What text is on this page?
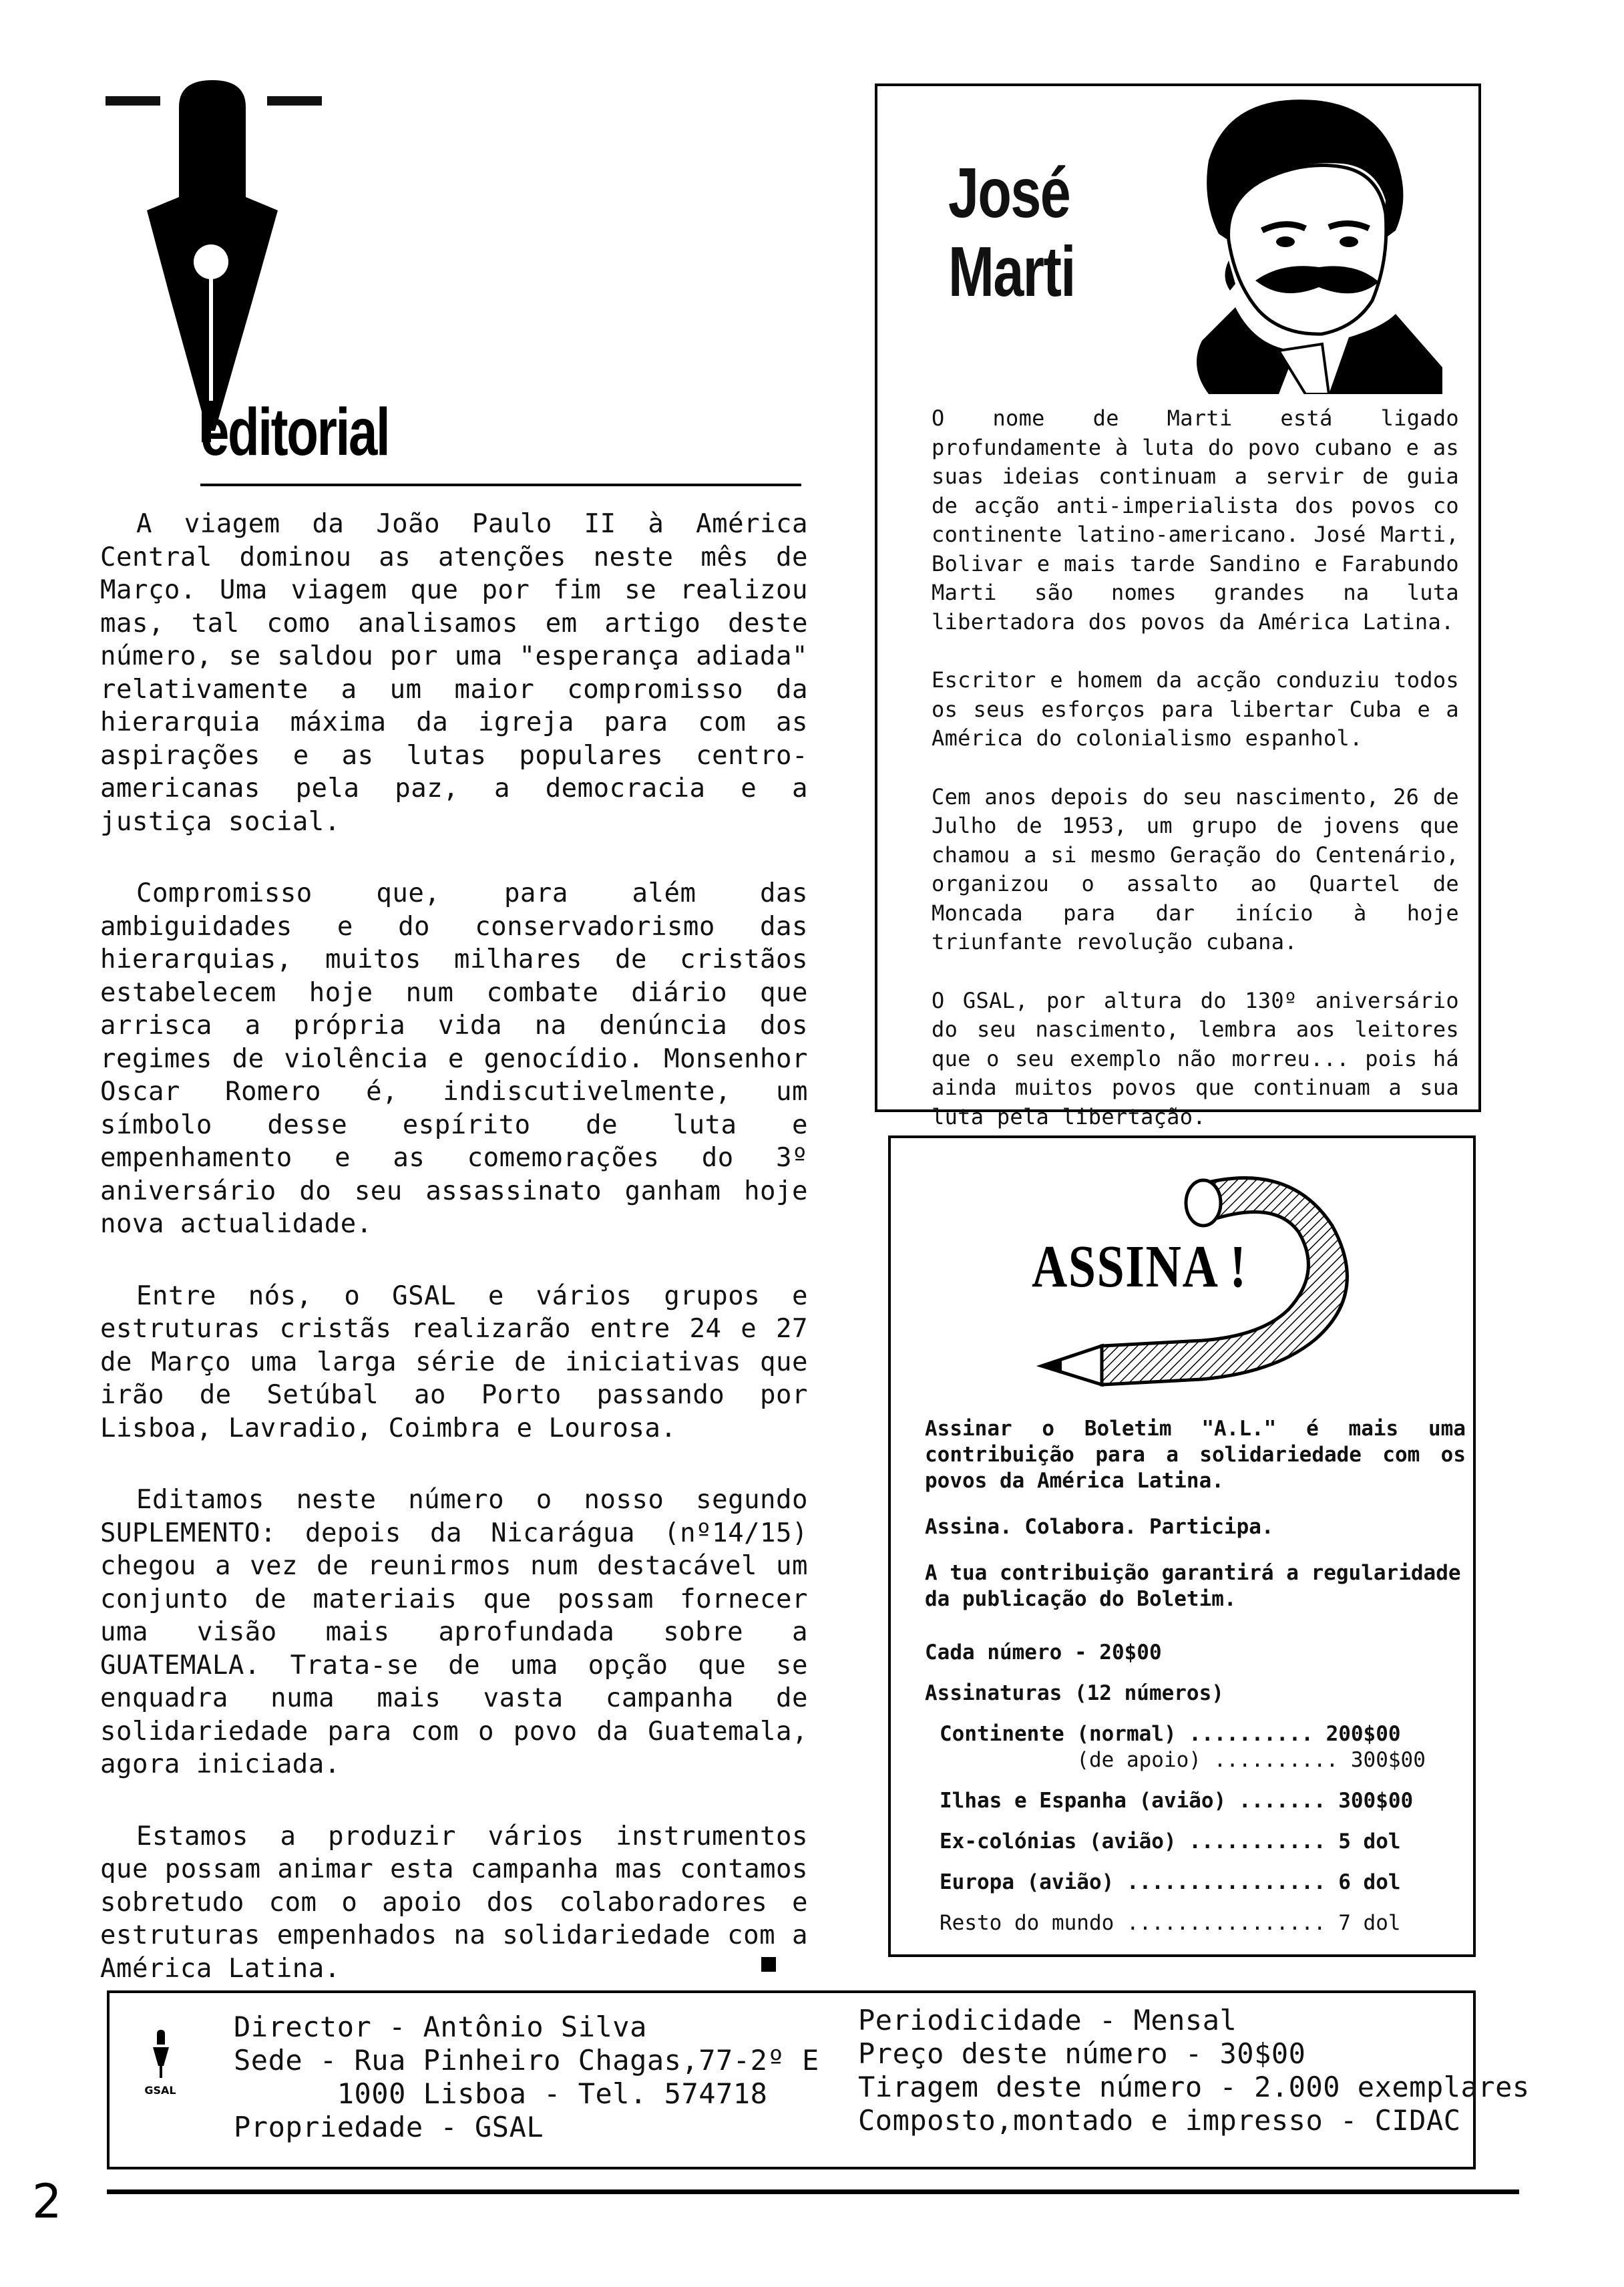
editorial

A viagem da João Paulo II à América Central dominou as atenções neste mês de Março. Uma viagem que por fim se realizou mas, tal como analisamos em artigo deste número, se saldou por uma "esperança adiada" relativamente a um maior compromisso da hierarquia máxima da igreja para com as aspirações e as lutas populares centro-americanas pela paz, a democracia e a justiça social.

Compromisso que, para além das ambiguidades e do conservadorismo das hierarquias, muitos milhares de cristãos estabelecem hoje num combate diário que arrisca a própria vida na denúncia dos regimes de violência e genocídio. Monsenhor Oscar Romero é, indiscutivelmente, um símbolo desse espírito de luta e empenhamento e as comemorações do 3º aniversário do seu assassinato ganham hoje nova actualidade.

Entre nós, o GSAL e vários grupos e estruturas cristãs realizarão entre 24 e 27 de Março uma larga série de iniciativas que irão de Setúbal ao Porto passando por Lisboa, Lavradio, Coimbra e Lourosa.

Editamos neste número o nosso segundo SUPLEMENTO: depois da Nicarágua (nº14/15) chegou a vez de reunirmos num destacável um conjunto de materiais que possam fornecer uma visão mais aprofundada sobre a GUATEMALA. Trata-se de uma opção que se enquadra numa mais vasta campanha de solidariedade para com o povo da Guatemala, agora iniciada.

Estamos a produzir vários instrumentos que possam animar esta campanha mas contamos sobretudo com o apoio dos colaboradores e estruturas empenhados na solidariedade com a América Latina.

José
Marti

O nome de Marti está ligado profundamente à luta do povo cubano e as suas ideias continuam a servir de guia de acção anti-imperialista dos povos co continente latino-americano. José Marti, Bolivar e mais tarde Sandino e Farabundo Marti são nomes grandes na luta libertadora dos povos da América Latina.

Escritor e homem da acção conduziu todos os seus esforços para libertar Cuba e a América do colonialismo espanhol.

Cem anos depois do seu nascimento, 26 de Julho de 1953, um grupo de jovens que chamou a si mesmo Geração do Centenário, organizou o assalto ao Quartel de Moncada para dar início à hoje triunfante revolução cubana.

O GSAL, por altura do 130º aniversário do seu nascimento, lembra aos leitores que o seu exemplo não morreu... pois há ainda muitos povos que continuam a sua luta pela libertação.

ASSINA !

Assinar o Boletim "A.L." é mais uma contribuição para a solidariedade com os povos da América Latina.

Assina. Colabora. Participa.

A tua contribuição garantirá a regularidade da publicação do Boletim.

Cada número - 20$00
Assinaturas (12 números)
Continente (normal) .......... 200$00
(de apoio) .......... 300$00
Ilhas e Espanha (avião) ....... 300$00
Ex-colónias (avião) ........... 5 dol
Europa (avião) ................ 6 dol
Resto do mundo ................ 7 dol
GSAL
Director - Antônio Silva
Sede - Rua Pinheiro Chagas,77-2º E
1000 Lisboa - Tel. 574718
Propriedade - GSAL
Periodicidade - Mensal
Preço deste número - 30$00
Tiragem deste número - 2.000 exemplares
Composto,montado e impresso - CIDAC
2
